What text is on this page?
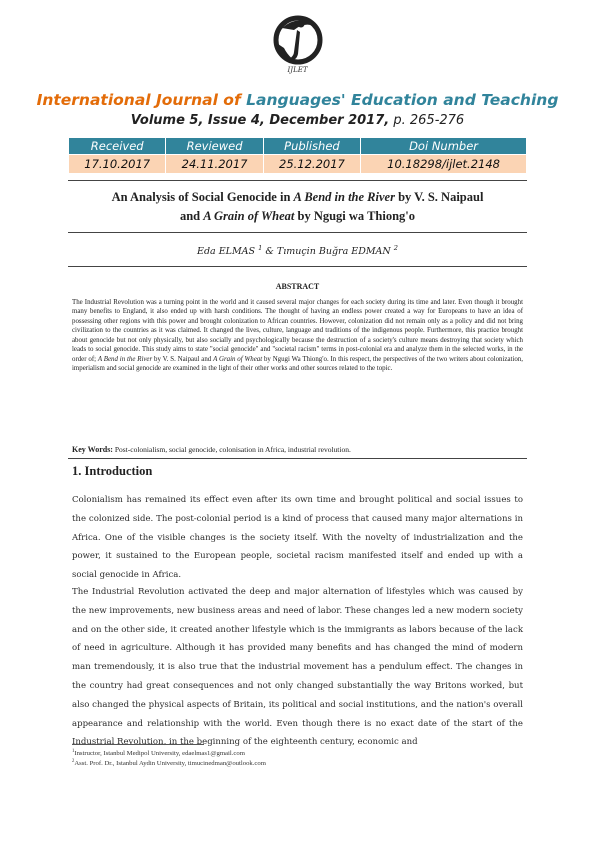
IJLET
International Journal of Languages' Education and Teaching
Volume 5, Issue 4, December 2017, p. 265-276
Received	Reviewed	Published	Doi Number
17.10.2017	24.11.2017	25.12.2017	10.18298/ijlet.2148
An Analysis of Social Genocide in A Bend in the River by V. S. Naipaul
and A Grain of Wheat by Ngugi wa Thiong'o
Eda ELMAS $^1$ & Tımuçin Buğra EDMAN $^2$
ABSTRACT

The Industrial Revolution was a turning point in the world and it caused several major changes for each society during its time and later. Even though it brought many benefits to England, it also ended up with harsh conditions. The thought of having an endless power created a way for Europeans to have an idea of possessing other regions with this power and brought colonization to African countries. However, colonization did not remain only as a policy and did not bring civilization to the countries as it was claimed. It changed the lives, culture, language and traditions of the indigenous people. Furthermore, this practice brought about genocide but not only physically, but also socially and psychologically because the destruction of a society's culture means destroying that society which leads to social genocide. This study aims to state "social genocide" and "societal racism" terms in post-colonial era and analyze them in the selected works, in the order of; A Bend in the River by V. S. Naipaul and A Grain of Wheat by Ngugi Wa Thiong'o. In this respect, the perspectives of the two writers about colonization, imperialism and social genocide are examined in the light of their other works and other sources related to the topic.

Key Words: Post-colonialism, social genocide, colonisation in Africa, industrial revolution.
1. Introduction

Colonialism has remained its effect even after its own time and brought political and social issues to the colonized side. The post-colonial period is a kind of process that caused many major alternations in Africa. One of the visible changes is the society itself. With the novelty of industrialization and the power, it sustained to the European people, societal racism manifested itself and ended up with a social genocide in Africa.

The Industrial Revolution activated the deep and major alternation of lifestyles which was caused by the new improvements, new business areas and need of labor. These changes led a new modern society and on the other side, it created another lifestyle which is the immigrants as labors because of the lack of need in agriculture. Although it has provided many benefits and has changed the mind of modern man tremendously, it is also true that the industrial movement has a pendulum effect. The changes in the country had great consequences and not only changed substantially the way Britons worked, but also changed the physical aspects of Britain, its political and social institutions, and the nation's overall appearance and relationship with the world. Even though there is no exact date of the start of the Industrial Revolution, in the beginning of the eighteenth century, economic and

$^1$Instructor, Istanbul Medipol University, edaelmas1@gmail.com
$^2$Asst. Prof. Dr., Istanbul Aydin University, timucinedman@outlook.com
